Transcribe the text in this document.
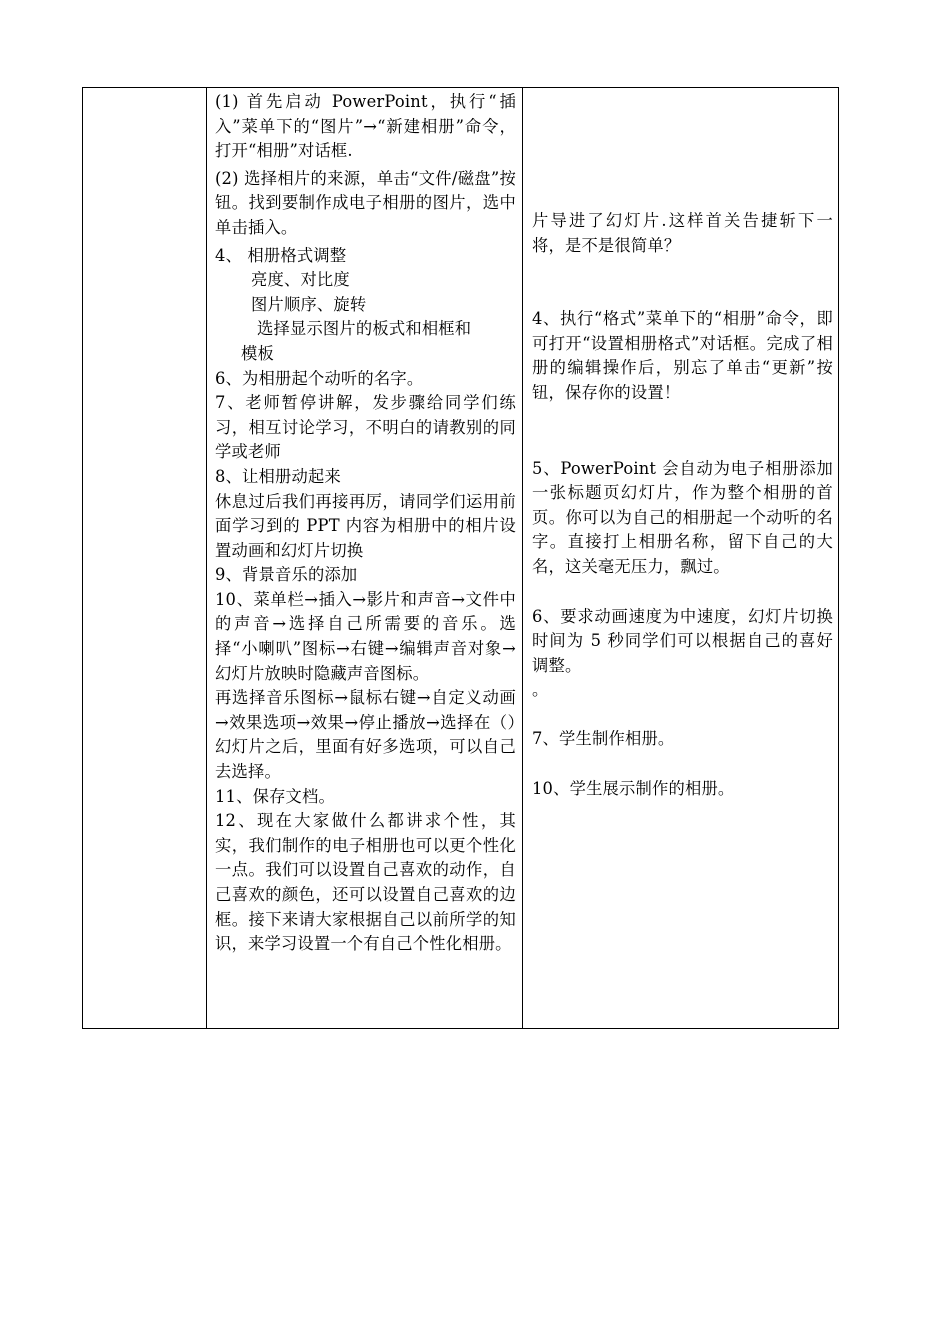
(1) 首先启动 PowerPoint，执行“插入”菜单下的“图片”→“新建相册”命令，打开“相册”对话框.

(2) 选择相片的来源，单击“文件/磁盘”按钮。找到要制作成电子相册的图片，选中单击插入。

4、 相册格式调整

亮度、对比度

图片顺序、旋转

选择显示图片的板式和相框和

模板

6、为相册起个动听的名字。

7、老师暂停讲解，发步骤给同学们练习，相互讨论学习，不明白的请教别的同学或老师

8、让相册动起来

休息过后我们再接再厉，请同学们运用前面学习到的 PPT 内容为相册中的相片设置动画和幻灯片切换

9、背景音乐的添加

10、菜单栏→插入→影片和声音→文件中的声音→选择自己所需要的音乐。选择“小喇叭”图标→右键→编辑声音对象→幻灯片放映时隐藏声音图标。

再选择音乐图标→鼠标右键→自定义动画→效果选项→效果→停止播放→选择在（）幻灯片之后，里面有好多选项，可以自己去选择。

11、保存文档。

12、现在大家做什么都讲求个性，其实，我们制作的电子相册也可以更个性化一点。我们可以设置自己喜欢的动作，自己喜欢的颜色，还可以设置自己喜欢的边框。接下来请大家根据自己以前所学的知识，来学习设置一个有自己个性化相册。

片导进了幻灯片.这样首关告捷斩下一将，是不是很简单？

4、执行“格式”菜单下的“相册”命令，即可打开“设置相册格式”对话框。完成了相册的编辑操作后，别忘了单击“更新”按钮，保存你的设置！

5、PowerPoint 会自动为电子相册添加一张标题页幻灯片，作为整个相册的首页。你可以为自己的相册起一个动听的名字。直接打上相册名称，留下自己的大名，这关毫无压力，飘过。

6、要求动画速度为中速度，幻灯片切换时间为 5 秒同学们可以根据自己的喜好调整。

。

7、学生制作相册。

10、学生展示制作的相册。
